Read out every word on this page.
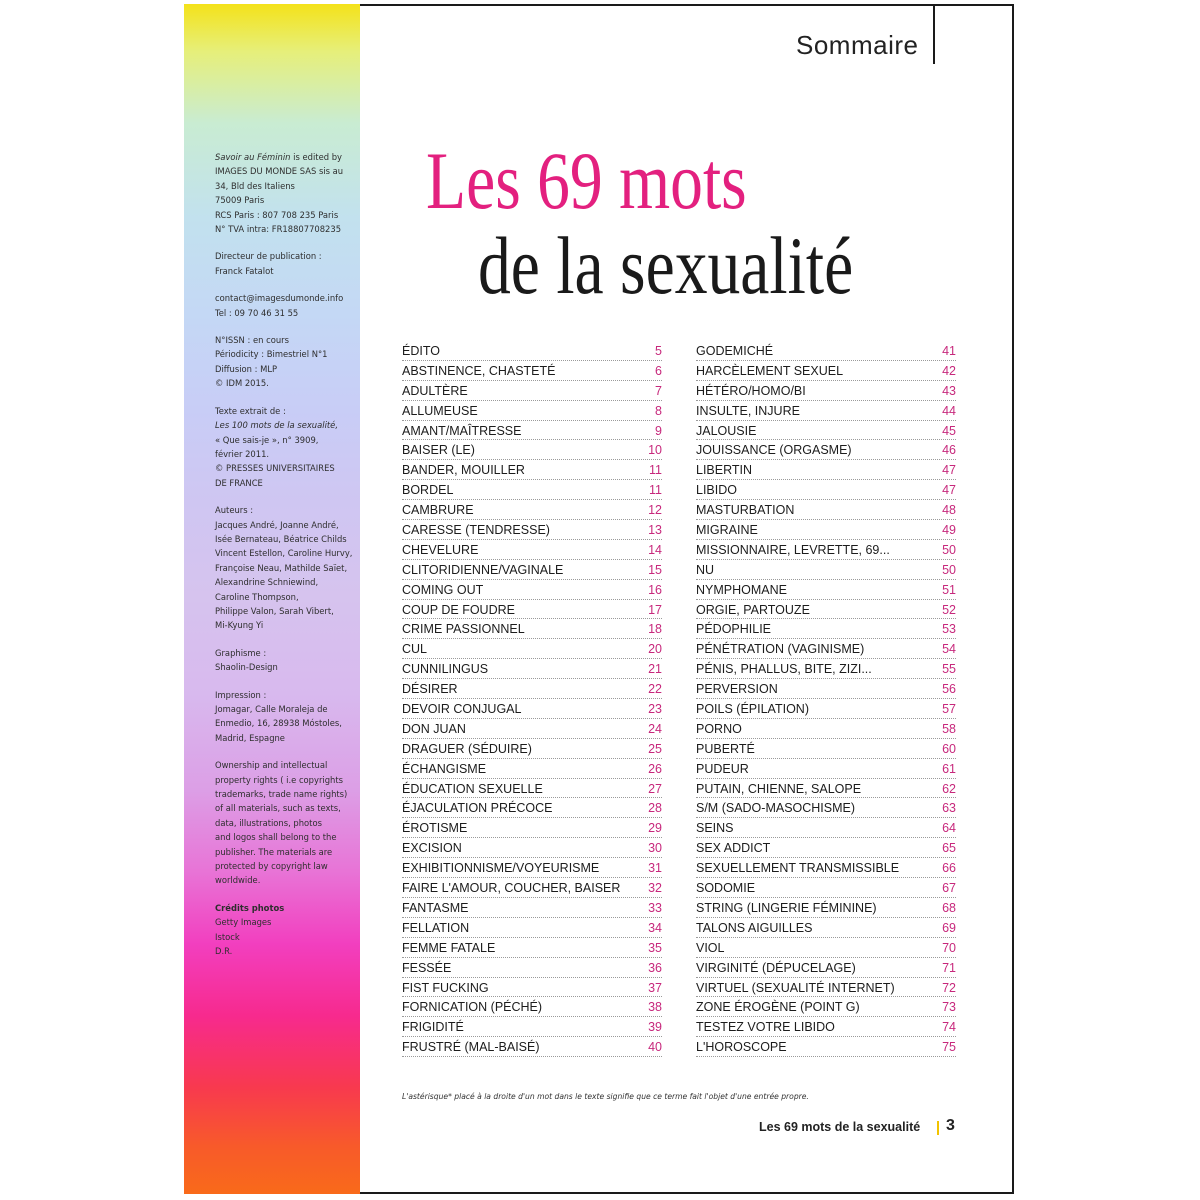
Savoir au Féminin is edited by
IMAGES DU MONDE SAS sis au
34, Bld des Italiens
75009 Paris
RCS Paris : 807 708 235 Paris
N° TVA intra: FR18807708235

Directeur de publication :
Franck Fatalot

contact@imagesdumonde.info
Tel : 09 70 46 31 55

N°ISSN : en cours
Périodicity : Bimestriel N°1
Diffusion : MLP
© IDM 2015.

Texte extrait de :
Les 100 mots de la sexualité,
« Que sais-je », n° 3909,
février 2011.
© PRESSES UNIVERSITAIRES
DE FRANCE

Auteurs :
Jacques André, Joanne André,
Isée Bernateau, Béatrice Childs
Vincent Estellon, Caroline Hurvy,
Françoise Neau, Mathilde Saïet,
Alexandrine Schniewind,
Caroline Thompson,
Philippe Valon, Sarah Vibert,
Mi-Kyung Yi

Graphisme :
Shaolin-Design

Impression :
Jomagar, Calle Moraleja de
Enmedio, 16, 28938 Móstoles,
Madrid, Espagne

Ownership and intellectual
property rights ( i.e copyrights
trademarks, trade name rights)
of all materials, such as texts,
data, illustrations, photos
and logos shall belong to the
publisher. The materials are
protected by copyright law
worldwide.

Crédits photos
Getty Images
Istock
D.R.

Sommaire
Les 69 mots
de la sexualité
ÉDITO	5
ABSTINENCE, CHASTETÉ	6
ADULTÈRE	7
ALLUMEUSE	8
AMANT/MAÎTRESSE	9
BAISER (LE)	10
BANDER, MOUILLER	11
BORDEL	11
CAMBRURE	12
CARESSE (TENDRESSE)	13
CHEVELURE	14
CLITORIDIENNE/VAGINALE	15
COMING OUT	16
COUP DE FOUDRE	17
CRIME PASSIONNEL	18
CUL	20
CUNNILINGUS	21
DÉSIRER	22
DEVOIR CONJUGAL	23
DON JUAN	24
DRAGUER (SÉDUIRE)	25
ÉCHANGISME	26
ÉDUCATION SEXUELLE	27
ÉJACULATION PRÉCOCE	28
ÉROTISME	29
EXCISION	30
EXHIBITIONNISME/VOYEURISME	31
FAIRE L'AMOUR, COUCHER, BAISER 32
FANTASME	33
FELLATION	34
FEMME FATALE	35
FESSÉE	36
FIST FUCKING	37
FORNICATION (PÉCHÉ)	38
FRIGIDITÉ	39
FRUSTRÉ (MAL-BAISÉ)	40
GODEMICHÉ	41
HARCÈLEMENT SEXUEL	42
HÉTÉRO/HOMO/BI	43
INSULTE, INJURE	44
JALOUSIE	45
JOUISSANCE (ORGASME)	46
LIBERTIN	47
LIBIDO	47
MASTURBATION	48
MIGRAINE	49
MISSIONNAIRE, LEVRETTE, 69...	50
NU	50
NYMPHOMANE	51
ORGIE, PARTOUZE	52
PÉDOPHILIE	53
PÉNÉTRATION (VAGINISME)	54
PÉNIS, PHALLUS, BITE, ZIZI...	55
PERVERSION	56
POILS (ÉPILATION)	57
PORNO	58
PUBERTÉ	60
PUDEUR	61
PUTAIN, CHIENNE, SALOPE	62
S/M (SADO-MASOCHISME)	63
SEINS	64
SEX ADDICT	65
SEXUELLEMENT TRANSMISSIBLE	66
SODOMIE	67
STRING (LINGERIE FÉMININE)	68
TALONS AIGUILLES	69
VIOL	70
VIRGINITÉ (DÉPUCELAGE)	71
VIRTUEL (SEXUALITÉ INTERNET)	72
ZONE ÉROGÈNE (POINT G)	73
TESTEZ VOTRE LIBIDO	74
L'HOROSCOPE	75
L'astérisque* placé à la droite d'un mot dans le texte signifie que ce terme fait l'objet d'une entrée propre.
Les 69 mots de la sexualité 3
